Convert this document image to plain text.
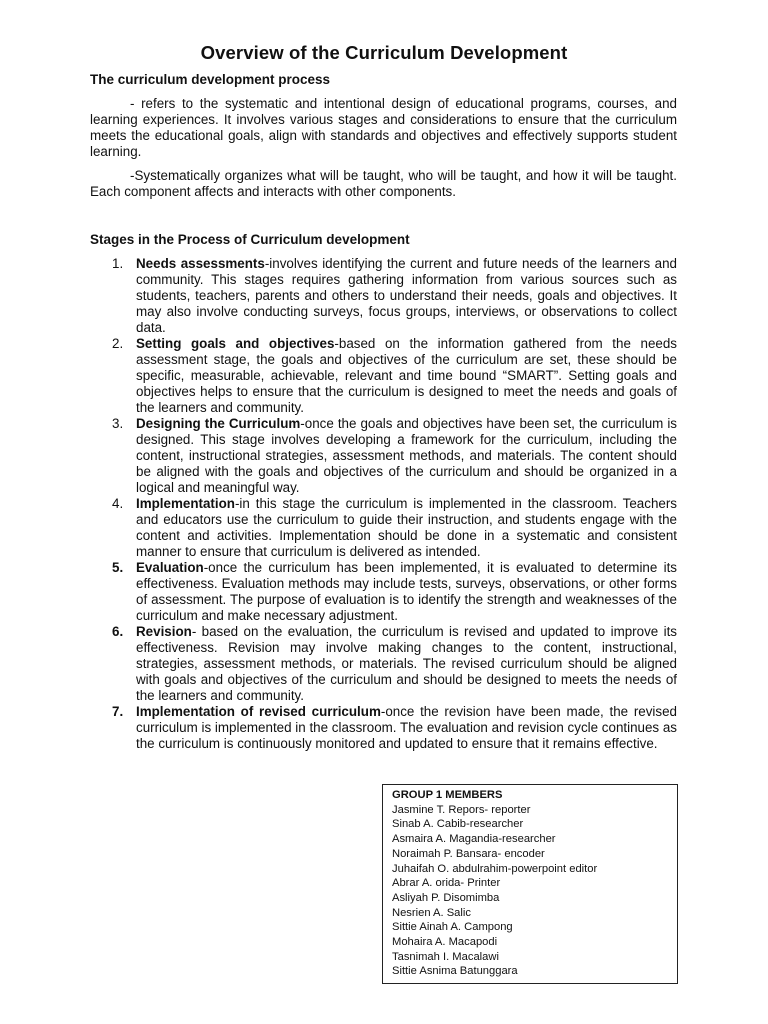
Overview of the Curriculum Development
The curriculum development process

- refers to the systematic and intentional design of educational programs, courses, and learning experiences. It involves various stages and considerations to ensure that the curriculum meets the educational goals, align with standards and objectives and effectively supports student learning.

-Systematically organizes what will be taught, who will be taught, and how it will be taught. Each component affects and interacts with other components.

Stages in the Process of Curriculum development
1. Needs assessments-involves identifying the current and future needs of the learners and community. This stages requires gathering information from various sources such as students, teachers, parents and others to understand their needs, goals and objectives. It may also involve conducting surveys, focus groups, interviews, or observations to collect data.
2. Setting goals and objectives-based on the information gathered from the needs assessment stage, the goals and objectives of the curriculum are set, these should be specific, measurable, achievable, relevant and time bound “SMART”. Setting goals and objectives helps to ensure that the curriculum is designed to meet the needs and goals of the learners and community.
3. Designing the Curriculum-once the goals and objectives have been set, the curriculum is designed. This stage involves developing a framework for the curriculum, including the content, instructional strategies, assessment methods, and materials. The content should be aligned with the goals and objectives of the curriculum and should be organized in a logical and meaningful way.
4. Implementation-in this stage the curriculum is implemented in the classroom. Teachers and educators use the curriculum to guide their instruction, and students engage with the content and activities. Implementation should be done in a systematic and consistent manner to ensure that curriculum is delivered as intended.
5. Evaluation-once the curriculum has been implemented, it is evaluated to determine its effectiveness. Evaluation methods may include tests, surveys, observations, or other forms of assessment. The purpose of evaluation is to identify the strength and weaknesses of the curriculum and make necessary adjustment.
6. Revision- based on the evaluation, the curriculum is revised and updated to improve its effectiveness. Revision may involve making changes to the content, instructional, strategies, assessment methods, or materials. The revised curriculum should be aligned with goals and objectives of the curriculum and should be designed to meets the needs of the learners and community.
7. Implementation of revised curriculum-once the revision have been made, the revised curriculum is implemented in the classroom. The evaluation and revision cycle continues as the curriculum is continuously monitored and updated to ensure that it remains effective.
GROUP 1 MEMBERS
Jasmine T. Repors- reporter
Sinab A. Cabib-researcher
Asmaira A. Magandia-researcher
Noraimah P. Bansara- encoder
Juhaifah O. abdulrahim-powerpoint editor
Abrar A. orida- Printer
Asliyah P. Disomimba
Nesrien A. Salic
Sittie Ainah A. Campong
Mohaira A. Macapodi
Tasnimah I. Macalawi
Sittie Asnima Batunggara
